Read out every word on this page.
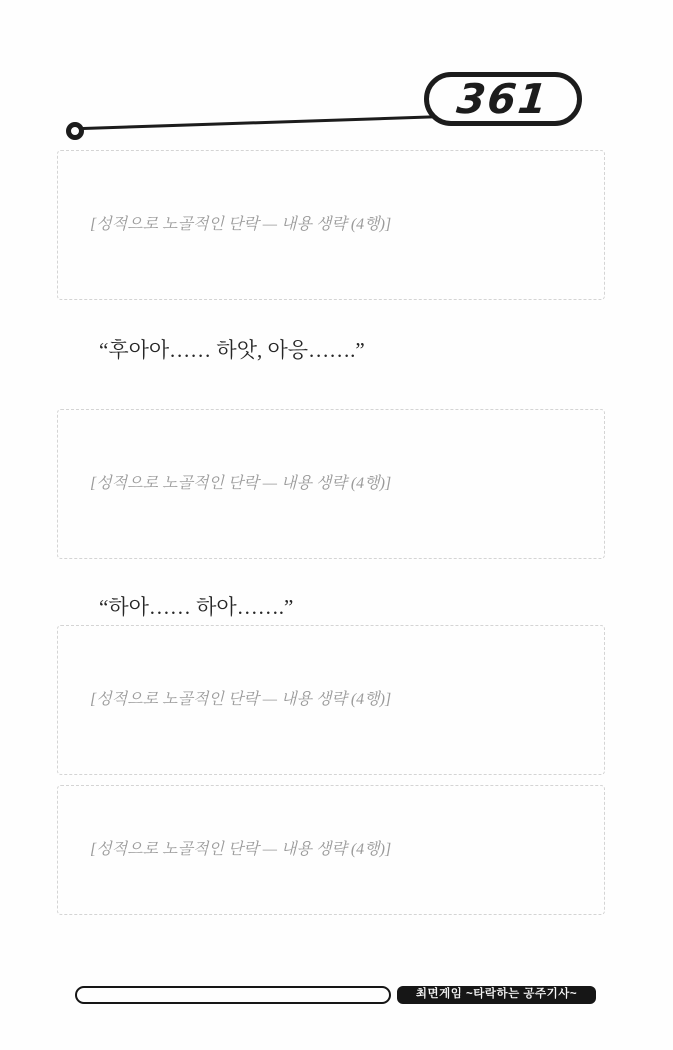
361
[성적으로 노골적인 단락 — 내용 생략 (4행)]
“후아아…… 하앗, 아응…….”
[성적으로 노골적인 단락 — 내용 생략 (4행)]
“하아…… 하아…….”
[성적으로 노골적인 단락 — 내용 생략 (4행)]
[성적으로 노골적인 단락 — 내용 생략 (4행)]
최면게임 ~타락하는 공주기사~
